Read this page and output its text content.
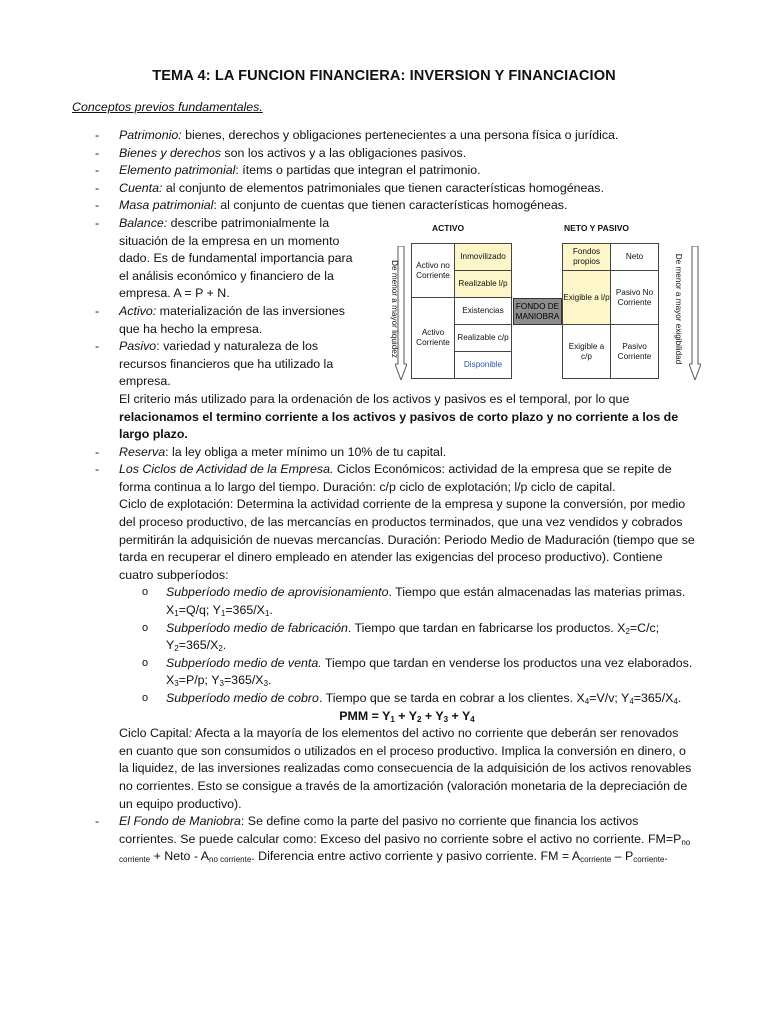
TEMA 4: LA FUNCION FINANCIERA: INVERSION Y FINANCIACION
Conceptos previos fundamentales.
- Patrimonio: bienes, derechos y obligaciones pertenecientes a una persona física o jurídica.
- Bienes y derechos son los activos y a las obligaciones pasivos.
- Elemento patrimonial: ítems o partidas que integran el patrimonio.
- Cuenta: al conjunto de elementos patrimoniales que tienen características homogéneas.
- Masa patrimonial: al conjunto de cuentas que tienen características homogéneas.
- Balance: describe patrimonialmente la situación de la empresa en un momento dado. Es de fundamental importancia para el análisis económico y financiero de la empresa. A = P + N.
- Activo: materialización de las inversiones que ha hecho la empresa.
- Pasivo: variedad y naturaleza de los recursos financieros que ha utilizado la empresa.
El criterio más utilizado para la ordenación de los activos y pasivos es el temporal, por lo que relacionamos el termino corriente a los activos y pasivos de corto plazo y no corriente a los de largo plazo.
- Reserva: la ley obliga a meter mínimo un 10% de tu capital.
- Los Ciclos de Actividad de la Empresa. Ciclos Económicos: actividad de la empresa que se repite de forma continua a lo largo del tiempo. Duración: c/p ciclo de explotación; l/p ciclo de capital.
Ciclo de explotación: Determina la actividad corriente de la empresa y supone la conversión, por medio del proceso productivo, de las mercancías en productos terminados, que una vez vendidos y cobrados permitirán la adquisición de nuevas mercancías. Duración: Periodo Medio de Maduración (tiempo que se tarda en recuperar el dinero empleado en atender las exigencias del proceso productivo). Contiene cuatro subperíodos:
o Subperíodo medio de aprovisionamiento. Tiempo que están almacenadas las materias primas. $X_1=Q/q$; $Y_1=365/X_1$.
o Subperíodo medio de fabricación. Tiempo que tardan en fabricarse los productos. $X_2=C/c$; $Y_2=365/X_2$.
o Subperíodo medio de venta. Tiempo que tardan en venderse los productos una vez elaborados. $X_3=P/p$; $Y_3=365/X_3$.
o Subperíodo medio de cobro. Tiempo que se tarda en cobrar a los clientes. $X_4=V/v$; $Y_4=365/X_4$.
PMM = $Y_1 + Y_2 + Y_3 + Y_4$
Ciclo Capital: Afecta a la mayoría de los elementos del activo no corriente que deberán ser renovados en cuanto que son consumidos o utilizados en el proceso productivo. Implica la conversión en dinero, o la liquidez, de las inversiones realizadas como consecuencia de la adquisición de los activos renovables no corrientes. Esto se consigue a través de la amortización (valoración monetaria de la depreciación de un equipo productivo).
- El Fondo de Maniobra: Se define como la parte del pasivo no corriente que financia los activos corrientes. Se puede calcular como: Exceso del pasivo no corriente sobre el activo no corriente. $FM=P_{no corriente}$ + Neto - $A_{no corriente}$. Diferencia entre activo corriente y pasivo corriente. FM = $A_{corriente} - P_{corriente}$.
ACTIVO	NETO Y PASIVO
De menor a mayor liquidez	De menor a mayor exigibilidad
Activo no Corriente
Inmovilizado
Realizable l/p
Activo Corriente
Existencias
Realizable c/p
Disponible
FONDO DE MANIOBRA
Fondos propios
Neto
Exigible a l/p
Pasivo No Corriente
Exigible a c/p
Pasivo Corriente
